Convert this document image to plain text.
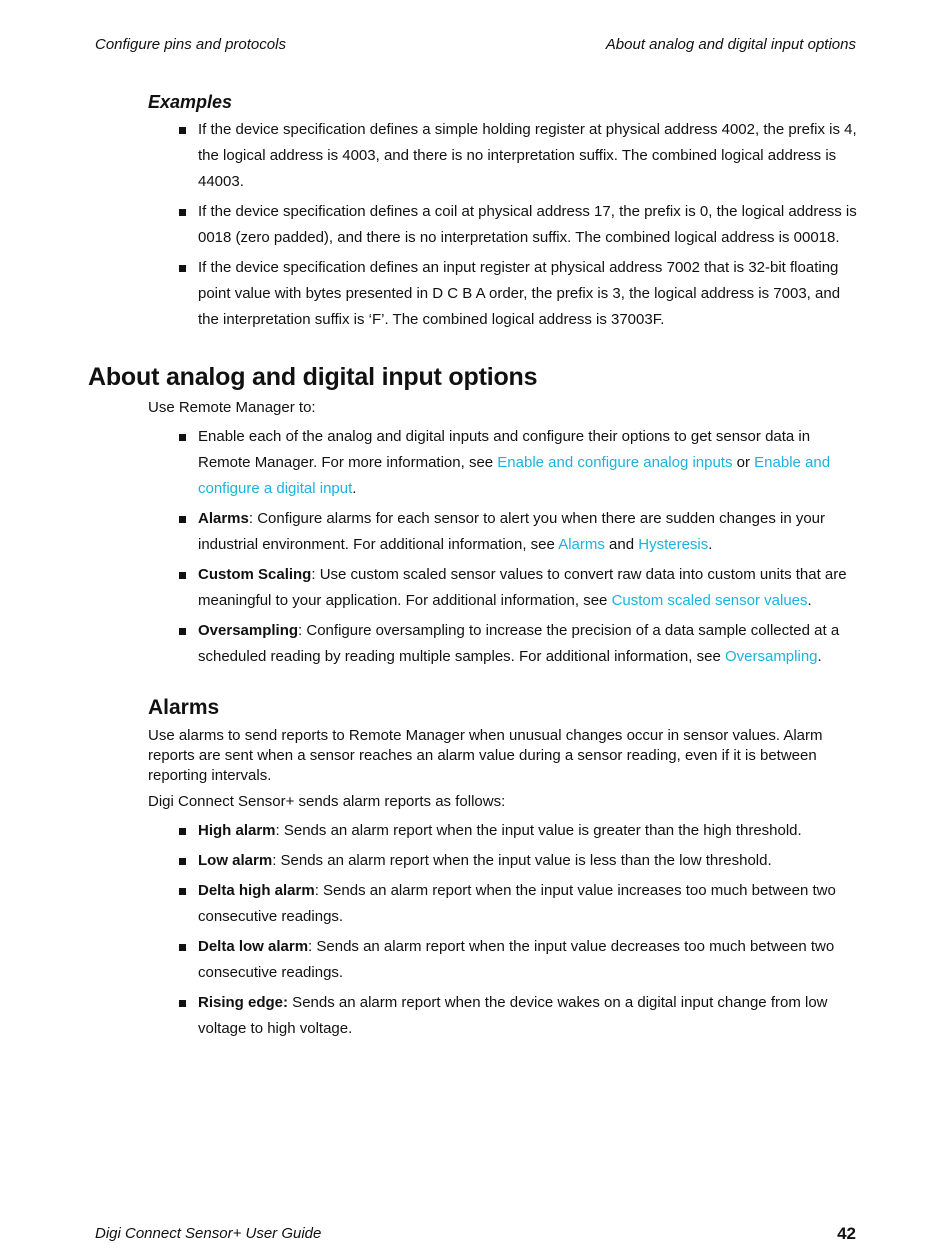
Configure pins and protocols	About analog and digital input options
Examples
If the device specification defines a simple holding register at physical address 4002, the prefix is 4, the logical address is 4003, and there is no interpretation suffix. The combined logical address is 44003.
If the device specification defines a coil at physical address 17, the prefix is 0, the logical address is 0018 (zero padded), and there is no interpretation suffix. The combined logical address is 00018.
If the device specification defines an input register at physical address 7002 that is 32-bit floating point value with bytes presented in D C B A order, the prefix is 3, the logical address is 7003, and the interpretation suffix is ‘F’. The combined logical address is 37003F.
About analog and digital input options

Use Remote Manager to:

Enable each of the analog and digital inputs and configure their options to get sensor data in Remote Manager. For more information, see Enable and configure analog inputs or Enable and configure a digital input.
Alarms: Configure alarms for each sensor to alert you when there are sudden changes in your industrial environment. For additional information, see Alarms and Hysteresis.
Custom Scaling: Use custom scaled sensor values to convert raw data into custom units that are meaningful to your application. For additional information, see Custom scaled sensor values.
Oversampling: Configure oversampling to increase the precision of a data sample collected at a scheduled reading by reading multiple samples. For additional information, see Oversampling.
Alarms

Use alarms to send reports to Remote Manager when unusual changes occur in sensor values. Alarm reports are sent when a sensor reaches an alarm value during a sensor reading, even if it is between reporting intervals.

Digi Connect Sensor+ sends alarm reports as follows:

High alarm: Sends an alarm report when the input value is greater than the high threshold.
Low alarm: Sends an alarm report when the input value is less than the low threshold.
Delta high alarm: Sends an alarm report when the input value increases too much between two consecutive readings.
Delta low alarm: Sends an alarm report when the input value decreases too much between two consecutive readings.
Rising edge: Sends an alarm report when the device wakes on a digital input change from low voltage to high voltage.
Digi Connect Sensor+ User Guide	42
